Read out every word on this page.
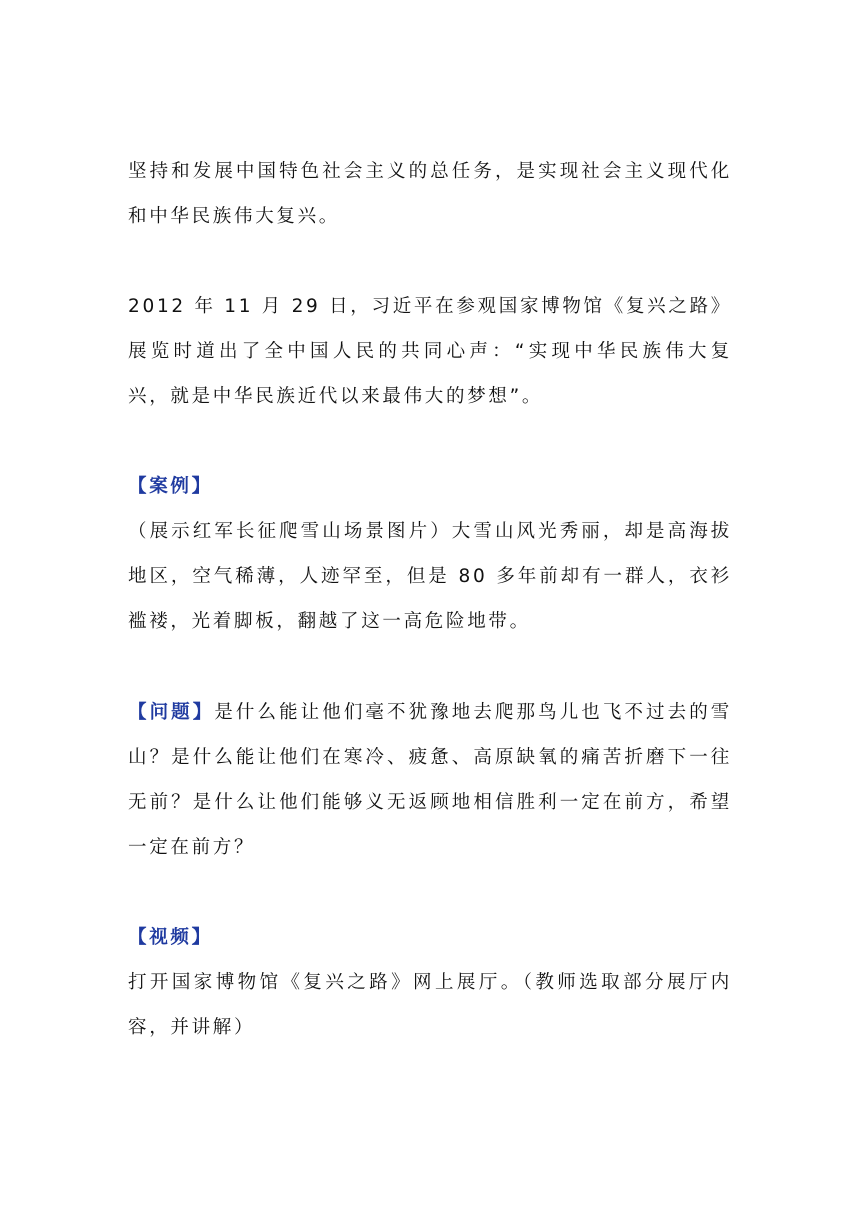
坚持和发展中国特色社会主义的总任务，是实现社会主义现代化和中华民族伟大复兴。

2012 年 11 月 29 日，习近平在参观国家博物馆《复兴之路》展览时道出了全中国人民的共同心声：“实现中华民族伟大复兴，就是中华民族近代以来最伟大的梦想”。

【案例】

（展示红军长征爬雪山场景图片）大雪山风光秀丽，却是高海拔地区，空气稀薄，人迹罕至，但是 80 多年前却有一群人，衣衫褴褛，光着脚板，翻越了这一高危险地带。

【问题】是什么能让他们毫不犹豫地去爬那鸟儿也飞不过去的雪山？是什么能让他们在寒冷、疲惫、高原缺氧的痛苦折磨下一往无前？是什么让他们能够义无返顾地相信胜利一定在前方，希望一定在前方？

【视频】

打开国家博物馆《复兴之路》网上展厅。（教师选取部分展厅内容，并讲解）
